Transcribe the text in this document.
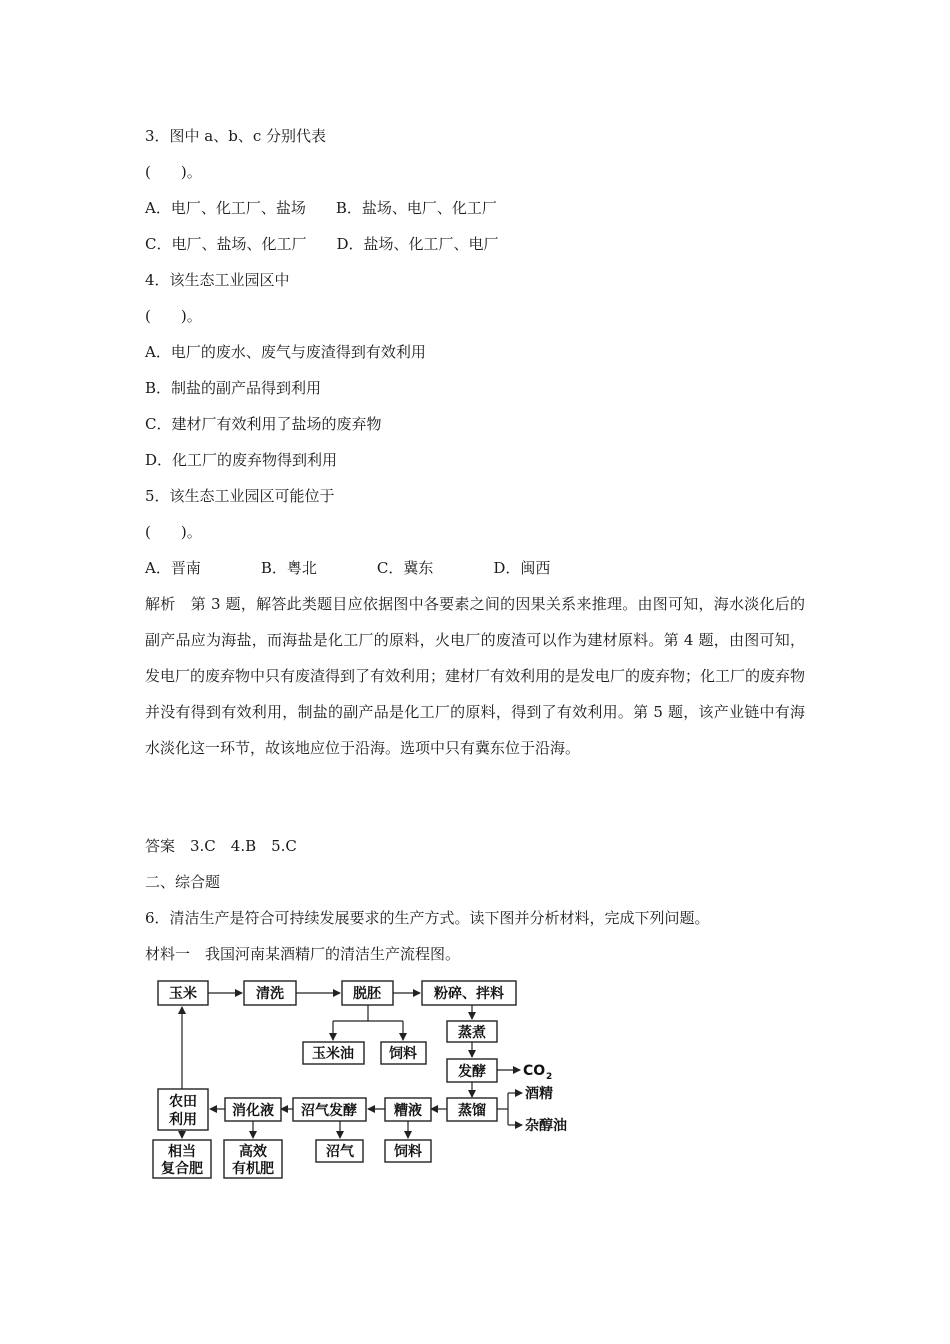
3．图中 a、b、c 分别代表
(　　)。
A．电厂、化工厂、盐场　　B．盐场、电厂、化工厂
C．电厂、盐场、化工厂　　D．盐场、化工厂、电厂
4．该生态工业园区中
(　　)。
A．电厂的废水、废气与废渣得到有效利用
B．制盐的副产品得到利用
C．建材厂有效利用了盐场的废弃物
D．化工厂的废弃物得到利用
5．该生态工业园区可能位于
(　　)。
A．晋南　　　　B．粤北　　　　C．冀东　　　　D．闽西
解析　第 3 题，解答此类题目应依据图中各要素之间的因果关系来推理。由图可知，海水淡化后的副产品应为海盐，而海盐是化工厂的原料，火电厂的废渣可以作为建材原料。第 4 题，由图可知，发电厂的废弃物中只有废渣得到了有效利用；建材厂有效利用的是发电厂的废弃物；化工厂的废弃物并没有得到有效利用，制盐的副产品是化工厂的原料，得到了有效利用。第 5 题，该产业链中有海水淡化这一环节，故该地应位于沿海。选项中只有冀东位于沿海。
答案　3.C　4.B　5.C
二、综合题
6．清洁生产是符合可持续发展要求的生产方式。读下图并分析材料，完成下列问题。
材料一　我国河南某酒精厂的清洁生产流程图。
玉米	清洗	脱胚	粉碎、拌料
玉米油	饲料
蒸煮
发酵	CO 2
蒸馏
酒精
杂醇油
糟液
沼气发酵
消化液
农田
利用
沼气	饲料
相当
复合肥
高效
有机肥
